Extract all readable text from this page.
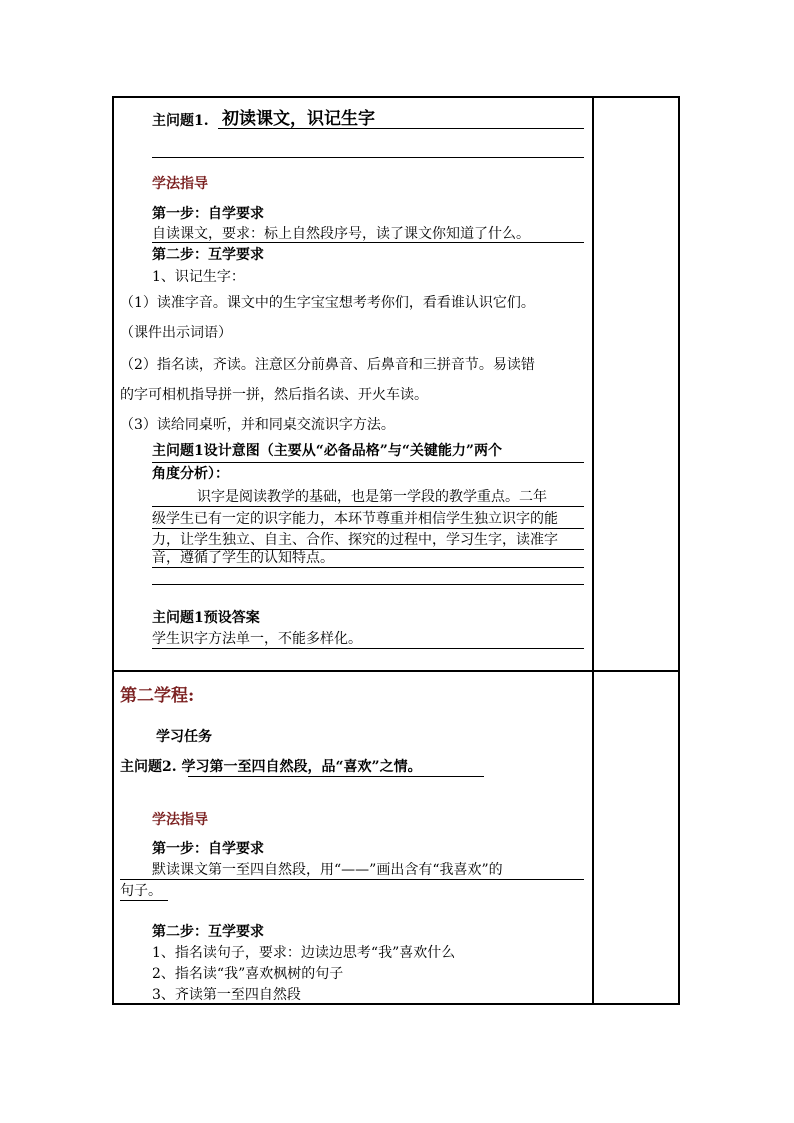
主问题1. 初读课文，识记生字
学法指导
第一步：自学要求
自读课文，要求：标上自然段序号，读了课文你知道了什么。
第二步：互学要求
1、识记生字：
（1）读准字音。课文中的生字宝宝想考考你们，看看谁认识它们。
（课件出示词语）
（2）指名读，齐读。注意区分前鼻音、后鼻音和三拼音节。易读错
的字可相机指导拼一拼，然后指名读、开火车读。
（3）读给同桌听，并和同桌交流识字方法。
主问题1设计意图（主要从“必备品格”与“关键能力”两个
角度分析）：
识字是阅读教学的基础，也是第一学段的教学重点。二年
级学生已有一定的识字能力，本环节尊重并相信学生独立识字的能
力，让学生独立、自主、合作、探究的过程中，学习生字，读准字
音，遵循了学生的认知特点。
主问题1预设答案
学生识字方法单一，不能多样化。
第二学程:
学习任务
主问题2. 学习第一至四自然段，品“喜欢”之情。
学法指导
第一步：自学要求
默读课文第一至四自然段，用“——”画出含有“我喜欢”的
句子。
第二步：互学要求
1、指名读句子，要求：边读边思考“我”喜欢什么
2、指名读“我”喜欢枫树的句子
3、齐读第一至四自然段
